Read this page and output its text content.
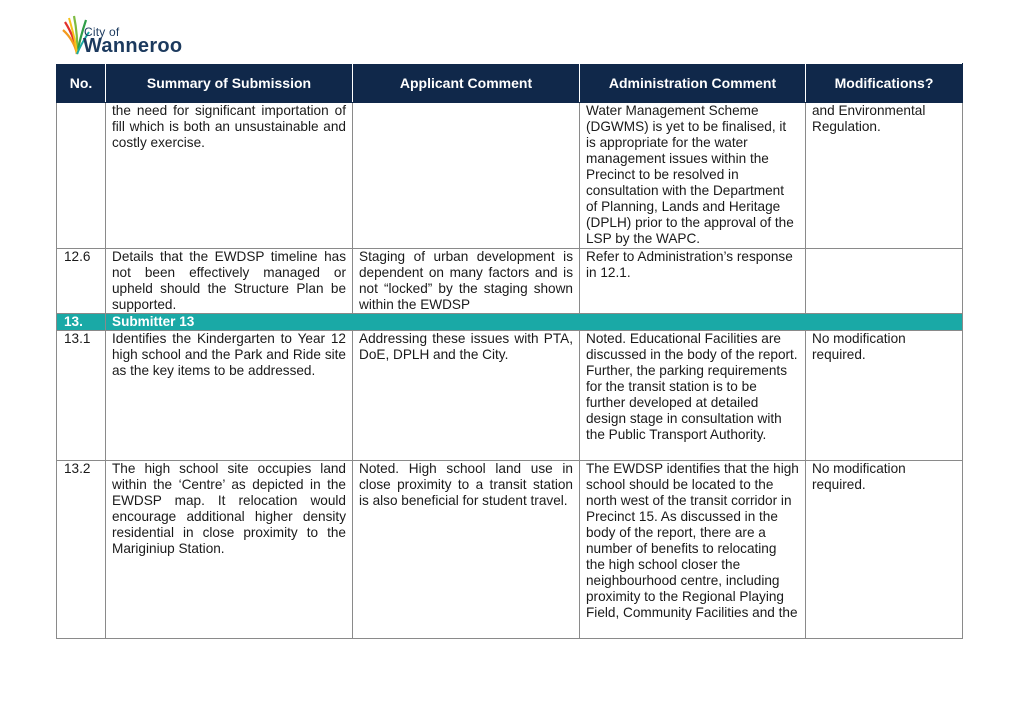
City of
Wanneroo
No.	Summary of Submission	Applicant Comment	Administration Comment	Modifications?
	the need for significant importation of fill which is both an unsustainable and costly exercise.		Water Management Scheme (DGWMS) is yet to be finalised, it is appropriate for the water management issues within the Precinct to be resolved in consultation with the Department of Planning, Lands and Heritage (DPLH) prior to the approval of the LSP by the WAPC.	and Environmental Regulation.
12.6	Details that the EWDSP timeline has not been effectively managed or upheld should the Structure Plan be supported.	Staging of urban development is dependent on many factors and is not “locked” by the staging shown within the EWDSP	Refer to Administration’s response in 12.1.	
13.	Submitter 13			
13.1	Identifies the Kindergarten to Year 12 high school and the Park and Ride site as the key items to be addressed.	Addressing these issues with PTA, DoE, DPLH and the City.	Noted. Educational Facilities are discussed in the body of the report. Further, the parking requirements for the transit station is to be further developed at detailed design stage in consultation with the Public Transport Authority.	No modification required.
13.2	The high school site occupies land within the ‘Centre’ as depicted in the EWDSP map. It relocation would encourage additional higher density residential in close proximity to the Mariginiup Station.	Noted. High school land use in close proximity to a transit station is also beneficial for student travel.	The EWDSP identifies that the high school should be located to the north west of the transit corridor in Precinct 15. As discussed in the body of the report, there are a number of benefits to relocating the high school closer the neighbourhood centre, including proximity to the Regional Playing Field, Community Facilities and the	No modification required.
